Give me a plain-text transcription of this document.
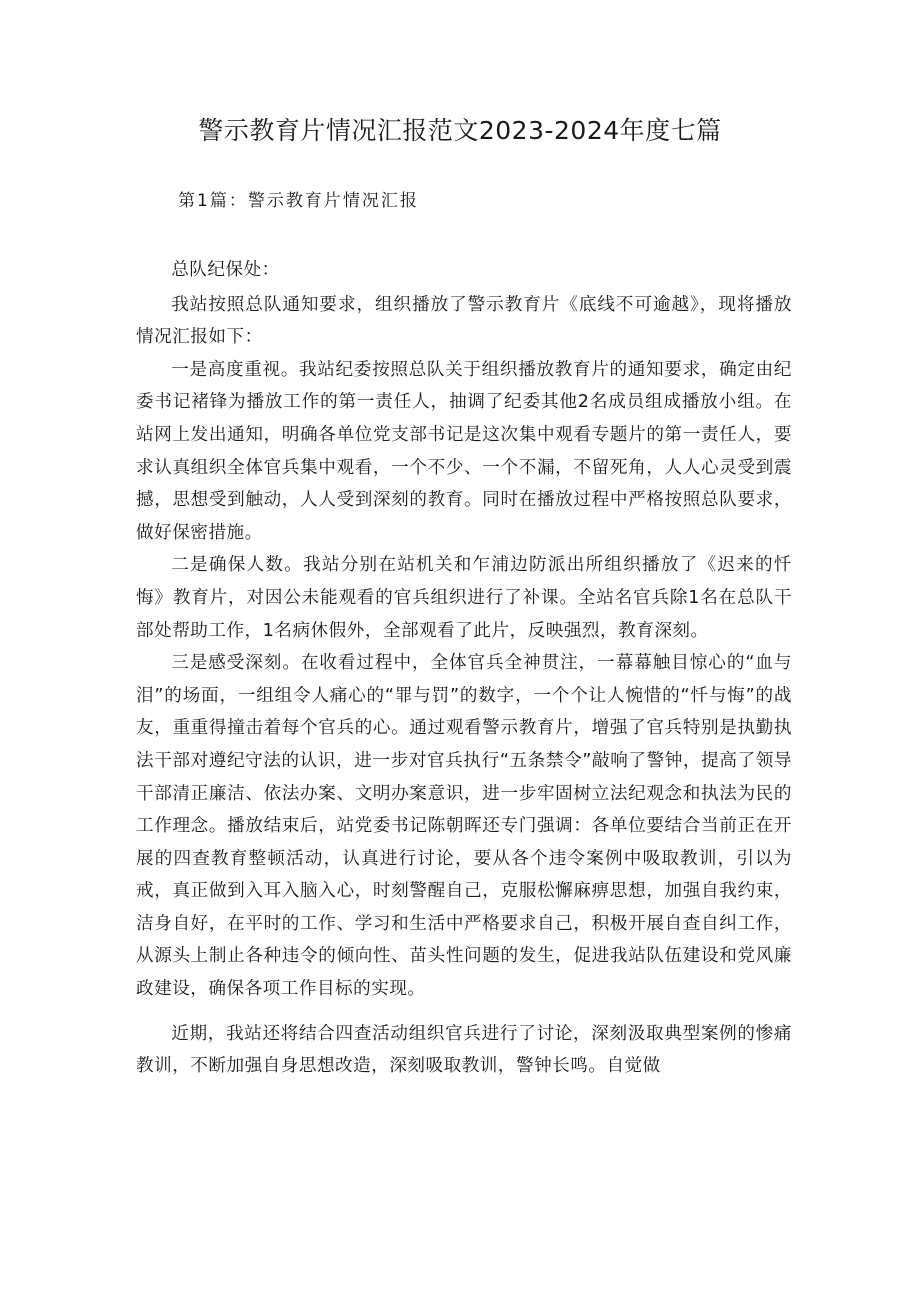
警示教育片情况汇报范文2023-2024年度七篇

第1篇：警示教育片情况汇报

总队纪保处：

我站按照总队通知要求，组织播放了警示教育片《底线不可逾越》，现将播放情况汇报如下：

一是高度重视。我站纪委按照总队关于组织播放教育片的通知要求，确定由纪委书记褚锋为播放工作的第一责任人，抽调了纪委其他2名成员组成播放小组。在站网上发出通知，明确各单位党支部书记是这次集中观看专题片的第一责任人，要求认真组织全体官兵集中观看，一个不少、一个不漏，不留死角，人人心灵受到震撼，思想受到触动，人人受到深刻的教育。同时在播放过程中严格按照总队要求，做好保密措施。

二是确保人数。我站分别在站机关和乍浦边防派出所组织播放了《迟来的忏悔》教育片，对因公未能观看的官兵组织进行了补课。全站名官兵除1名在总队干部处帮助工作，1名病休假外，全部观看了此片，反映强烈，教育深刻。

三是感受深刻。在收看过程中，全体官兵全神贯注，一幕幕触目惊心的“血与泪”的场面，一组组令人痛心的“罪与罚”的数字，一个个让人惋惜的“忏与悔”的战友，重重得撞击着每个官兵的心。通过观看警示教育片，增强了官兵特别是执勤执法干部对遵纪守法的认识，进一步对官兵执行“五条禁令”敲响了警钟，提高了领导干部清正廉洁、依法办案、文明办案意识，进一步牢固树立法纪观念和执法为民的工作理念。播放结束后，站党委书记陈朝晖还专门强调：各单位要结合当前正在开展的四查教育整顿活动，认真进行讨论，要从各个违令案例中吸取教训，引以为戒，真正做到入耳入脑入心，时刻警醒自己，克服松懈麻痹思想，加强自我约束，洁身自好，在平时的工作、学习和生活中严格要求自己，积极开展自查自纠工作，从源头上制止各种违令的倾向性、苗头性问题的发生，促进我站队伍建设和党风廉政建设，确保各项工作目标的实现。

近期，我站还将结合四查活动组织官兵进行了讨论，深刻汲取典型案例的惨痛教训，不断加强自身思想改造，深刻吸取教训，警钟长鸣。自觉做
